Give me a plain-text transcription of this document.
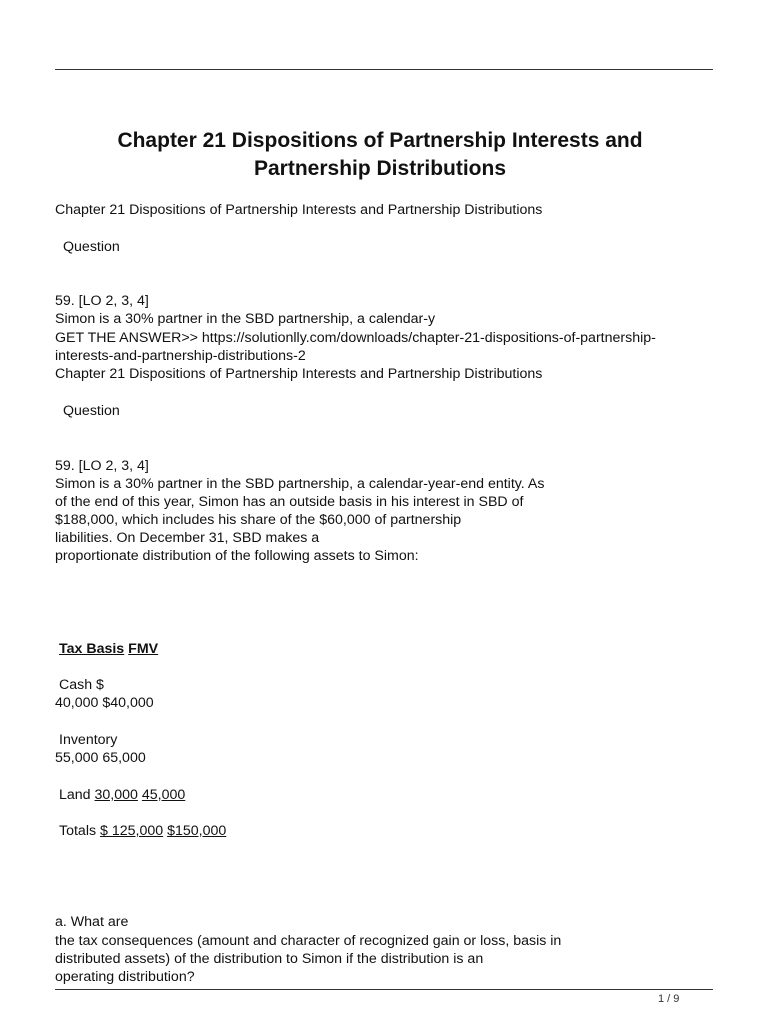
Chapter 21 Dispositions of Partnership Interests and
Partnership Distributions

Chapter 21 Dispositions of Partnership Interests and Partnership Distributions

Question

59. [LO 2, 3, 4]

Simon is a 30% partner in the SBD partnership, a calendar-y

GET THE ANSWER>> https://solutionlly.com/downloads/chapter-21-dispositions-of-partnership-

interests-and-partnership-distributions-2

Chapter 21 Dispositions of Partnership Interests and Partnership Distributions

Question

59. [LO 2, 3, 4]

Simon is a 30% partner in the SBD partnership, a calendar-year-end entity. As

of the end of this year, Simon has an outside basis in his interest in SBD of

$188,000, which includes his share of the $60,000 of partnership

liabilities. On December 31, SBD makes a

proportionate distribution of the following assets to Simon:

Tax Basis FMV

Cash $

40,000 $40,000

Inventory

55,000 65,000

Land 30,000 45,000

Totals $ 125,000 $150,000

a. What are

the tax consequences (amount and character of recognized gain or loss, basis in

distributed assets) of the distribution to Simon if the distribution is an

operating distribution?

1 / 9
